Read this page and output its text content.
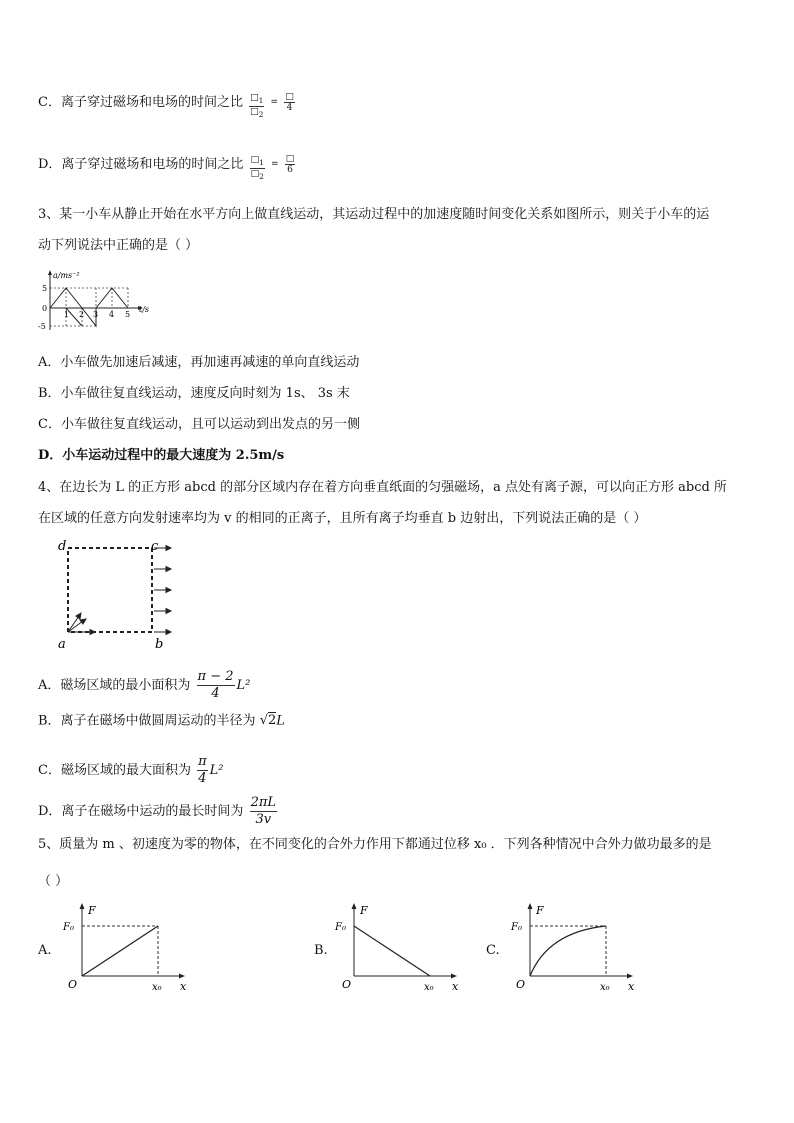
C．离子穿过磁场和电场的时间之比 $\frac{□_1}{□_2} = \frac{□}{4}$
D．离子穿过磁场和电场的时间之比 $\frac{□_1}{□_2} = \frac{□}{6}$
3、某一小车从静止开始在水平方向上做直线运动，其运动过程中的加速度随时间变化关系如图所示，则关于小车的运
动下列说法中正确的是（ ）
a/ms⁻²
t/s
5
0
-5
1 2 3 4 5
A．小车做先加速后减速，再加速再减速的单向直线运动
B．小车做往复直线运动，速度反向时刻为 1s、 3s 末
C．小车做往复直线运动，且可以运动到出发点的另一侧
D．小车运动过程中的最大速度为 2.5m/s
4、在边长为 L 的正方形 abcd 的部分区域内存在着方向垂直纸面的匀强磁场，a 点处有离子源，可以向正方形 abcd 所
在区域的任意方向发射速率均为 v 的相同的正离子，且所有离子均垂直 b 边射出，下列说法正确的是（ ）
d	c
a	b
A．磁场区域的最小面积为 $\frac{\pi - 2}{4} L^2$
B．离子在磁场中做圆周运动的半径为 √2L
C．磁场区域的最大面积为 $\frac{\pi}{4} L^2$
D．离子在磁场中运动的最长时间为 $\frac{2\pi L}{3v}$
5、质量为 m 、初速度为零的物体，在不同变化的合外力作用下都通过位移 x₀ ．下列各种情况中合外力做功最多的是
（ ）
A.
F
F₀
O	x₀ x
B.
F
F₀
O	x₀ x
C.
F
F₀
O	x₀ x
